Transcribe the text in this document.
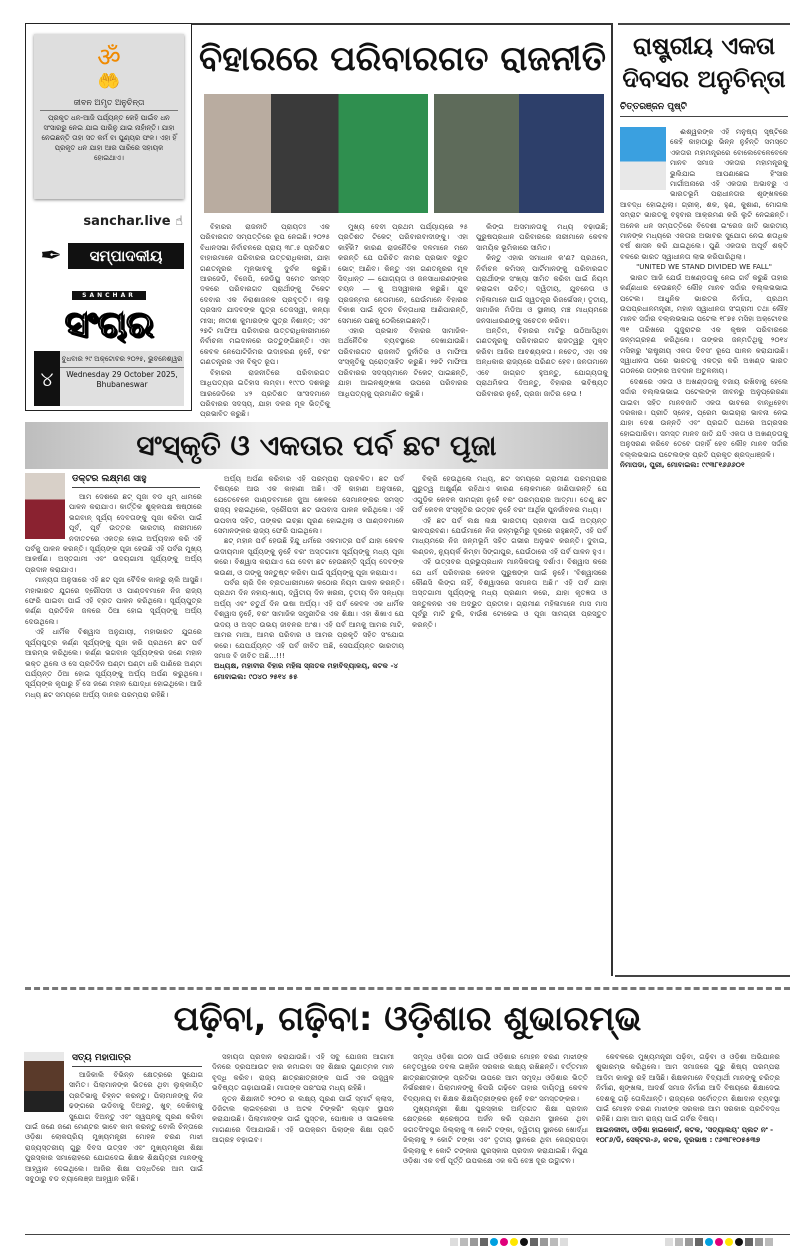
ॐ
🤲
ଜୀବନ ଅମୃତ ଅନୁଚିନ୍ତା
ପ୍ରକୃତ ଧନ-ଆଜି ପର୍ଯ୍ୟନ୍ତ କେହି ପାଇଁବ ଧନ ସଂସାରରୁ ନେଇ ଯାଇ ପାରିନୁ ଯାଇ ନାହାଁନ୍ତି। ଯାହା ନେଇଛନ୍ତି ତାହା ସତ କର୍ମ ବା ପୁଣ୍ୟର ଫଳ। ଏହା ହିଁ ପ୍ରକୃତ ଧନ ଯାହା ଆର ପାରିରେ ସହାୟକ ହୋଇଥାଏ।
sanchar.live ☝
✒	ସମ୍ପାଦକୀୟ
SANCHAR
ସଂଚାର
୪
ବୁଧବାର ୨୯ ଅକ୍ଟୋବର ୨୦୨୫, ଭୁବନେଶ୍ୱର
Wednesday 29 October 2025, Bhubaneswar
ବିହାରରେ ପରିବାରଗତ ରାଜନୀତି

ବିହାରର ରାଜନୀତି ପ୍ରାୟତଃ ଏକ ପରିବାରଗତ ସମ୍ପତ୍ତିରେ ରୂପ ନେଇଛି। ୨୦୨୫ ବିଧାନସଭା ନିର୍ବାଚନରେ ପ୍ରାୟ ୩୮.୫ ପ୍ରତିଶତ ବାହାରମାନେ ପରିବାରର ଉତ୍ତରାଧିକାରୀ, ଯାହା ଗଣତନ୍ତ୍ରର ମୂଳଭାବକୁ ଦୁର୍ବଳ କରୁଛି। ଆରଜେଡି, ବିଜେପି, ଜେଡିୟୁ ସମେତ ସମସ୍ତ ଦଳରେ ପରିବାରଗତ ପ୍ରାର୍ଥୀଙ୍କୁ ଟିକେଟ ଦେବାର ଏକ ନିରାଶାଜନକ ପ୍ରବୃତ୍ତି। ଲାଲୁ ପ୍ରସାଦ ଯାଦବଙ୍କ ପୁତ୍ର ତେଜସ୍ୱୀ, କନ୍ୟା ମୀସା; ନୀତୀଶ କୁମାରଙ୍କ ପୁତ୍ର ନିଶାନ୍ତ; ଏବଂ ୨୭ଟି ମାଫିଆ ପରିବାରର ଉତ୍ତରାଧିକାରୀମାନେ ନିର୍ବାଚନୀ ମଇଦାନରେ ଉତ୍ତୁଙ୍ଗିଛନ୍ତି। ଏହା କେବଳ ନେପୋଟିଜିମର ଉଦାହରଣ ନୁହେଁ, ବରଂ ଗଣତନ୍ତ୍ରର ଏକ ବିକୃତ ରୂପ।

ବିହାରର ରାଜନୀତିରେ ପରିବାରଗତ ଆଧିପତ୍ୟର ଇତିହାସ ଲମ୍ବା। ୧୯୯୦ ଦଶକରୁ ଆରଜେଡିରେ ୪୨ ପ୍ରତିଶତ ସାଂସଦମାନେ ପରିବାରର ସଦସ୍ୟ, ଯାହା ଦଳର ମୂଳ ଭିତ୍ତିକୁ ପ୍ରଭାବିତ କରୁଛି।

ମୁଖ୍ୟ ଦେବୀ ପ୍ରଥମ ପର୍ଯ୍ୟାୟରେ ୨୫ ପ୍ରତିଶତ ଟିକେଟ୍ ପରିବାରବାଦୀଙ୍କୁ। ଏହା କାହିଁକି? କାରଣ ରାଜନୈତିକ ଦଳମାନେ ମନେ କରନ୍ତି ଯେ ପରିଚିତ ନାମର ପ୍ରଭାବ ଦ୍ରୁତ ଭୋଟ୍ ଆଣିବ। କିନ୍ତୁ ଏହା ଗଣତନ୍ତ୍ରର ମୂଳ ସିଦ୍ଧାନ୍ତ — ଯୋଗ୍ୟତା ଓ ଜନସାଧାରଣଙ୍କର ଚୟନ — କୁ ଅସ୍ୱୀକାର କରୁଛି। ଯୁବ ପ୍ରଜନ୍ମର ନେତାମାନେ, ଯେଉଁମାନେ ବିହାରର ବିକାଶ ପାଇଁ ନୂତନ ଚିନ୍ତାଧାରା ଆଣିପାରନ୍ତି, ସେମାନେ ପଛକୁ ଠେଲିହୋଇଛନ୍ତି।

ଏହାର ପ୍ରଭାବ ବିହାରର ସାମାଜିକ-ଅର୍ଥନୈତିକ ବ୍ୟବସ୍ଥାରେ ଦେଖାଯାଉଛି। ପରିବାରଗତ ରାଜନୀତି ଦୁର୍ନୀତିର ଓ ମାଫିଆ ସଂସ୍କୃତିକୁ ପ୍ରୋତ୍ସାହିତ କରୁଛି। ୨୭ଟି ମାଫିଆ ପରିବାରର ସଦସ୍ୟମାନେ ଟିକେଟ୍ ପାଇଛନ୍ତି, ଯାହା ଆଇନଶୃଙ୍ଖଳା ଉପରେ ପରିବାରର ଆଧିପତ୍ୟକୁ ପ୍ରମାଣିତ କରୁଛି।

ଲିଙ୍ଗ ଅସମାନତାକୁ ମଧ୍ୟ ବଢ଼ାଉଛି; ପୁରୁଷପ୍ରଧାନ ପରିବାରରେ ନାରୀମାନେ କେବଳ ସାମୟିକ ଭୂମିକାରେ ସୀମିତ।

କିନ୍ତୁ ଏହାର ସମାଧାନ କ'ଣ? ପ୍ରଥମେ, ନିର୍ବାଚନ କମିସନ୍ ପାର୍ଟିମାନଙ୍କୁ ପରିବାରଗତ ପ୍ରାର୍ଥୀଙ୍କ ସଂଖ୍ୟା ସୀମିତ କରିବା ପାଇଁ ନିୟମ କରାଇବା ଉଚିତ୍। ଦ୍ୱିତୀୟ, ଯୁବନେତା ଓ ମହିଳାମାନେ ପାଇଁ ସ୍ୱତନ୍ତ୍ର ରିଜର୍ଭେସନ୍। ତୃତୀୟ, ସାମାଜିକ ମିଡିଆ ଓ ସ୍ଥାନୀୟ ମଞ୍ଚ ମାଧ୍ୟମରେ ଜନସାଧାରଣଙ୍କୁ ସଚେତନ କରିବା।

ଅନ୍ତିମ, ବିହାରର ମାଟିରୁ ଉଠିଆସିଥିବା ଗଣତନ୍ତ୍ରକୁ ପରିବାରଗତ ରାଜତ୍ୱରୁ ମୁକ୍ତ କରିବା ଆଜିର ଆବଶ୍ୟକତା। ନଚେତ୍, ଏହା ଏକ ଅନ୍ଧକାର ରାଜ୍ୟରେ ପରିଣତ ହେବ। ଜନତାମାନେ ଏବେ ଜାଗ୍ରତ ହୁଅନ୍ତୁ, ଯୋଗ୍ୟତାକୁ ପ୍ରାଥମିକତା ଦିଅନ୍ତୁ, ବିହାରର ଭବିଷ୍ୟତ ପରିବାରର ନୁହେଁ, ପ୍ରଜା ଜାତିର ହେଉ !

ରାଷ୍ଟ୍ରୀୟ ଏକତା ଦିବସର ଅନୁଚିନ୍ତା
ଚିତ୍ତରଞ୍ଜନ ପୃଷ୍ଟି

ଈଶ୍ୱରଙ୍କ ଏହି ମନୁଷ୍ୟ ସୃଷ୍ଟିରେ କେହି କାହାଠାରୁ ଭିନ୍ନ ନୁହଁନ୍ତି ସମସ୍ତେ ଏକତାର ମହାମନ୍ତ୍ରରେ ବୋଲେବେଳେବେଳେ ମାନବ ସମାଜ ଏକତାର ମହାମନ୍ତ୍ରକୁ ଭୁଲିଯାଇ ଆପଣାଛେଇ ହିଂସାର ମାର୍ଗୀଅନାରେ ଏହି ଏକତାର ଅଭାବରୁ ଏ ଭାରତଭୂମି ପରାଧୀନତାର ଶୃଙ୍ଖଳରେ ଆବଦ୍ଧ ହୋଇଥିଲା। ଗ୍ରୀକ୍, ଶକ, ହୁଣ, କୁଶାଣ, ମୋଗଲ ସମ୍ରାଟ ଭାରତକୁ ବହୁବାର ଆକ୍ରମଣ କରି ଲୁଟି ନେଇଛନ୍ତି। ଅନେକ ଧନ ସମ୍ପତ୍ତିରେ ବିଦେଶୀ ଇଂରେଜ ଜାତି ଭାରତୀୟ ମାନଙ୍କ ମଧ୍ୟରେ ଏକତାର ଅଭାବର ସୁଯୋଗ ନେଇ ଶତାଧିକ ବର୍ଷ ଶାସନ କରି ଯାଇଥିଲେ। ପୁଣି ଏକତାର ଅପୂର୍ବ ଶକ୍ତି ବଳରେ ଭାରତ ସ୍ୱାଧୀନତା ଲାଭ କରିପାରିଥିଲା।

"UNITED WE STAND DIVIDED WE FALL"

ଭାରତ ଆଜି ଯେଉଁ ଅଖଣ୍ଡତାକୁ ନେଇ ଗର୍ବ କରୁଛି ତାହାର କର୍ଣ୍ଣଧାର ହେଉଛନ୍ତି ଲୌହ ମାନବ ସର୍ଦ୍ଦାର ବଲ୍ଲଭଭାଇ ପଟେଲ। ଆଧୁନିକ ଭାରତର ନିର୍ମାତା, ପ୍ରଥମ ଉପପ୍ରଧାନମନ୍ତ୍ରୀ, ମହାନ ସ୍ୱାଧୀନତା ସଂଗ୍ରାମୀ ତଥା ଲୌହ ମାନବ ସର୍ଦ୍ଦାର ବଲ୍ଲଭଭାଇ ପଟେଲ ୧୮୭୫ ମସିହା ଅକ୍ଟୋବର ୩୧ ତାରିଖରେ ଗୁଜୁରାଟର ଏକ କୃଷକ ପରିବାରରେ ଜନ୍ମଗ୍ରହଣ କରିଥିଲେ। ତାଙ୍କର ଜନ୍ମତିଥିକୁ ୨୦୧୪ ମସିହାରୁ 'ରାଷ୍ଟ୍ରୀୟ ଏକତା ଦିବସ' ରୂପେ ପାଳନ କରାଯାଉଛି। ସ୍ୱାଧୀନତା ପରେ ଭାରତକୁ ଏକତ୍ର କରି ଅଖଣ୍ଡ ଭାରତ ଗଠନରେ ତାଙ୍କର ଅବଦାନ ଅତୁଳନୀୟ।

ଦେଶରେ ଏକତା ଓ ଅଖଣ୍ଡତାକୁ ବଜାୟ ରଖିବାକୁ ହେଲେ ସର୍ଦ୍ଦାର ବଲ୍ଲଭଭାଇ ପଟେଲଙ୍କ ଜୀବନରୁ ଅନୁପ୍ରେରଣା ପାଇବା ସହିତ ମାନବଜାତି ଏକତା ଭାବରେ ବାନ୍ଧିହେବା ଦରକାର। ପ୍ରୀତି ସ୍ନେହ, ପ୍ରେମ ଭାଇଚାରା ଭାବନା ନେଇ ଯାହା ଦେଶ ଉନ୍ନତି ଏବଂ ପ୍ରଗତି ପଥରେ ଅଗ୍ରସର ହୋଇପାରିବା। ସମସ୍ତ ମାନବ ଜାତି ଯଦି ଏକତା ଓ ଅଖଣ୍ଡତାକୁ ଅନୁସରଣ କରିବେ ତେବେ ତାହାହିଁ ହେବ ଲୌହ ମାନବ ସର୍ଦ୍ଦାର ବଲ୍ଲଭଭାଇ ପଟେଲଙ୍କ ପ୍ରତି ପ୍ରକୃତ ଶ୍ରଦ୍ଧାଞ୍ଜଳି।

ନିମାପଡା, ପୁରୀ, ମୋବାଇଲ: ୯୯୩୮୧୬୬୬୦୧
ସଂସ୍କୃତି ଓ ଏକତାର ପର୍ବ ଛଟ ପୂଜା
ଡକ୍ଟର ଲକ୍ଷ୍ମଣ ସାହୁ

ଆମ ଦେଶରେ ଛଟ୍ ପୂଜା ବଡ ଧୂମ୍ ଧାମରେ ପାଳନ କରାଯାଏ। କାର୍ତ୍ତିକ ଶୁକ୍ଳପକ୍ଷ ଷଷ୍ଠୀରେ ଭଗବାନ୍ ସୂର୍ଯ୍ୟ ଦେବତାଙ୍କୁ ପୂଜା କରିବା ପାଇଁ ପୂର୍ବ, ପୂର୍ବ ଉତ୍ତର ଭାରତୀୟ ନାରୀମାନେ ନଦୀତଟରେ ଏକତ୍ର ହୋଇ ଅର୍ଘ୍ୟଦାନ କରି ଏହି ପର୍ବକୁ ପାଳନ କରନ୍ତି। ସୂର୍ଯ୍ୟଙ୍କ ପୂଜା ହେଉଛି ଏହି ପର୍ବର ମୁଖ୍ୟ ଆକର୍ଷଣ। ଅସ୍ତଗାମୀ ଏବଂ ଉଦୟଗାମୀ ସୂର୍ଯ୍ୟଙ୍କୁ ଅର୍ଘ୍ୟ ପ୍ରଦାନ କରାଯାଏ।

ମାନ୍ୟତା ଅନୁସାରେ ଏହି ଛଟ ପୂଜା ବୈଦିକ କାଳରୁ ଚାଲି ଆସୁଛି। ମହାଭାରତ ଯୁଗରେ ଦ୍ରୌପଦୀ ଓ ପାଣ୍ଡବମାନେ ନିଜ ରାଜ୍ୟ ଫେରି ପାଇବା ପାଇଁ ଏହି ବ୍ରତ ପାଳନ କରିଥିଲେ। ସୂର୍ଯ୍ୟପୁତ୍ର କର୍ଣ୍ଣ ପ୍ରତିଦିନ ଜଳରେ ଠିଆ ହୋଇ ସୂର୍ଯ୍ୟଙ୍କୁ ଅର୍ଘ୍ୟ ଦେଉଥିଲେ।

ଏହି ଧାର୍ମିକ ବିଶ୍ୱାସ ଅନୁଯାୟୀ, ମହାଭାରତ ଯୁଗରେ ସୂର୍ଯ୍ୟପୁତ୍ର କର୍ଣ୍ଣ ସୂର୍ଯ୍ୟଙ୍କୁ ପୂଜା କରି ପ୍ରଥମେ ଛଟ ପର୍ବ ଆରମ୍ଭ କରିଥିଲେ। କର୍ଣ୍ଣ ଭଗବାନ ସୂର୍ଯ୍ୟଙ୍କର ଜଣେ ମହାନ ଭକ୍ତ ଥିଲେ ଓ ସେ ପ୍ରତିଦିନ ଘଣ୍ଟା ଘଣ୍ଟା ଧରି ପାଣିରେ ଅଣ୍ଟା ପର୍ଯ୍ୟନ୍ତ ଠିଆ ହୋଇ ସୂର୍ଯ୍ୟଙ୍କୁ ଅର୍ଘ୍ୟ ଅର୍ପଣ କରୁଥିଲେ। ସୂର୍ଯ୍ୟଙ୍କ କୃପାରୁ ହିଁ ସେ ଜଣେ ମହାନ ଯୋଦ୍ଧା ହୋଇଥିଲେ। ଆଜି ମଧ୍ୟ ଛଟ ସମୟରେ ଅର୍ଘ୍ୟ ଦାନର ପରମ୍ପରା ରହିଛି।

ଅର୍ଘ୍ୟ ଅର୍ପଣ କରିବାର ଏହି ପରମ୍ପରା ପ୍ରଚଳିତ। ଛଟ ପର୍ବ ବିଷୟରେ ଆଉ ଏକ କାହାଣୀ ଅଛି। ଏହି କାହାଣୀ ଅନୁସାରେ, ଯେତେବେଳେ ପାଣ୍ଡବମାନେ ଜୁଆ ଖେଳରେ ସେମାନଙ୍କର ସମସ୍ତ ରାଜ୍ୟ ହରାଇଥିଲେ, ଦ୍ରୌପଦୀ ଛଟ ଉପବାସ ପାଳନ କରିଥିଲେ। ଏହି ଉପବାସ ସହିତ, ତାଙ୍କର ଇଚ୍ଛା ପୂରଣ ହୋଇଥିଲା ଓ ପାଣ୍ଡବମାନେ ସେମାନଙ୍କର ରାଜ୍ୟ ଫେରି ପାଇଥିଲେ।

ଛଟ୍ ମହାନ ପର୍ବ ହେଉଛି ହିନ୍ଦୁ ଧର୍ମରେ ଏକମାତ୍ର ପର୍ବ ଯାହା କେବଳ ଉଦୀୟମାନ ସୂର୍ଯ୍ୟଙ୍କୁ ନୁହେଁ ବରଂ ଅସ୍ତଗାମୀ ସୂର୍ଯ୍ୟଙ୍କୁ ମଧ୍ୟ ପୂଜା କରେ। ବିଶ୍ୱାସ କରାଯାଏ ଯେ ଦେବୀ ଛଟ ହେଉଛନ୍ତି ସୂର୍ଯ୍ୟ ଦେବଙ୍କ ଭଉଣୀ, ଓ ତାଙ୍କୁ ସନ୍ତୁଷ୍ଟ କରିବା ପାଇଁ ସୂର୍ଯ୍ୟଙ୍କୁ ପୂଜା କରାଯାଏ।

ପର୍ବର ଚାରି ଦିନ ବ୍ରତଧାରୀମାନେ କଠୋର ନିୟମ ପାଳନ କରନ୍ତି। ପ୍ରଥମ ଦିନ ନହାୟ-ଖାୟ, ଦ୍ୱିତୀୟ ଦିନ ଖରନା, ତୃତୀୟ ଦିନ ସନ୍ଧ୍ୟା ଅର୍ଘ୍ୟ ଏବଂ ଚତୁର୍ଥ ଦିନ ଉଷା ଅର୍ଘ୍ୟ। ଏହି ପର୍ବ କେବଳ ଏକ ଧାର୍ମିକ ବିଶ୍ୱାସ ନୁହେଁ, ବରଂ ସାମାଜିକ ସମ୍ପ୍ରୀତିର ଏକ ଶିକ୍ଷା। ଏହା ଶିଖାଏ ଯେ ଉଦୟ ଓ ଅସ୍ତ ଉଭୟ ଜୀବନର ଅଂଶ। ଏହି ପର୍ବ ଆମକୁ ଆମର ମାଟି, ଆମର ମାଆ, ଆମର ପରିବାର ଓ ଆମର ପ୍ରକୃତି ସହିତ ସଂଯୋଗ କରେ। ଯେପର୍ଯ୍ୟନ୍ତ ଏହି ପର୍ବ ଜୀବିତ ଅଛି, ସେପର୍ଯ୍ୟନ୍ତ ଭାରତୀୟ ସମାଜ ବି ଜୀବିତ ଅଛି...!!!

ଅଧ୍ୟକ୍ଷ, ମହାବୀର ବିହାର ମହିଳା ସ୍ନାତକ ମହାବିଦ୍ୟାଳୟ, କଟକ -୪
ମୋବାଇଲ: ୯୦୪୦ ୨୫୧୪ ୫୫

ବିକ୍ରି ହେଉଥିଲେ ମଧ୍ୟ, ଛଟ ସମୟରେ ଗ୍ରାମୀଣ ପରମ୍ପରାର ଗୁରୁତ୍ୱ ଅକ୍ଷୁର୍ଣ୍ଣ ରହିଥାଏ କାରଣ ଲୋକମାନେ ଜାଣିପାରନ୍ତି ଯେ ଏଗୁଡ଼ିକ କେବଳ ସାମଗ୍ରୀ ନୁହେଁ ବରଂ ପରମ୍ପରାର ଆତ୍ମା। ତେଣୁ ଛଟ ପର୍ବ କେବଳ ସଂସ୍କୃତିର ଉତ୍ସବ ନୁହେଁ ବରଂ ଆର୍ଥିକ ପୁନର୍ଜୀବନର ମଧ୍ୟ।

ଏହି ଛଟ ପର୍ବ ଲକ୍ଷ ଲକ୍ଷ ଭାରତୀୟ ପ୍ରବାସୀ ପାଇଁ ଅତ୍ୟନ୍ତ ଭାବପ୍ରବଣ। ଯେଉଁମାନେ ନିଜ ଜନ୍ମଭୂମିରୁ ଦୂରରେ ରହୁଛନ୍ତି, ଏହି ପର୍ବ ମାଧ୍ୟମରେ ନିଜ ଜନ୍ମଭୂମି ସହିତ ଗଭୀର ଅନୁଭବ କରନ୍ତି। ଦୁବାଇ, ଲଣ୍ଡନ, ନ୍ୟୁୟର୍କ କିମ୍ବା ସିଙ୍ଗାପୁର, ଯେଉଁଠାରେ ଏହି ପର୍ବ ପାଳନ ହୁଏ।

ଏହି ଉତ୍ସବର ପ୍ରଭୁପ୍ରଧାନ ମାନସିକତାକୁ ଦର୍ଶାଏ। ବିଶ୍ୱାସ କରେ ଯେ ଧର୍ମ ପରିବାରର କେବଳ ପୁରୁଷଙ୍କ ପାଇଁ ନୁହେଁ। 'ବିଶ୍ୱାସରେ କୌଣସି ଲିଙ୍ଗ ନାହିଁ, ବିଶ୍ୱାସରେ ସମାନତା ଅଛି।' ଏହି ପର୍ବ ଯାହା ଅସ୍ତଗାମୀ ସୂର୍ଯ୍ୟଙ୍କୁ ମଧ୍ୟ ପ୍ରଣାମ କରେ, ଯାହା କୃତଜ୍ଞତା ଓ ସନ୍ତୁଳନର ଏକ ଅଦ୍ଭୁତ ପ୍ରତୀକ। ଗ୍ରାମୀଣ ମହିଳାମାନେ ମାସ ମାସ ପୂର୍ବରୁ ମାଟି ଚୁଲି, ବାଉଁଶ ଟୋକେଇ ଓ ପୂଜା ସାମଗ୍ରୀ ପ୍ରସ୍ତୁତ କରନ୍ତି।

ପଢ଼ିବା, ଗଢ଼ିବା: ଓଡ଼ିଶାର ଶୁଭାରମ୍ଭ
ସତ୍ୟ ମହାପାତ୍ର

ଆଜିକାଲି ବିଭିନ୍ନ କ୍ଷେତ୍ରରେ ସୁଯୋଗ ସୀମିତ। ପିଲାମାନଙ୍କ ଭିତରେ ଥିବା ଲୁକ୍କାୟିତ ପ୍ରତିଭାକୁ ଚିହ୍ନଟ କରନ୍ତୁ। ପିଲାମାନଙ୍କୁ ନିଜ ଢଙ୍ଗରେ ଉଡିବାକୁ ଦିଅନ୍ତୁ, ଖୁବ୍ ଦେଖିବାକୁ ସୁଯୋଗ ଦିଅନ୍ତୁ ଏବଂ ସ୍ୱପ୍ନକୁ ପୂରଣ କରିବା ପାଇଁ ଜଣେ ଜଣେ ମେଣ୍ଟର ଭାବେ କାମ କରନ୍ତୁ ବୋଲି ଚିନ୍ତାରେ ଓଡ଼ିଶା ଲୋକପ୍ରିୟ ମୁଖ୍ୟମନ୍ତ୍ରୀ ମୋହନ ଚରଣ ମାଝୀ ରାଜ୍ୟସ୍ତରୀୟ ଗୁରୁ ଦିବସ ଉତ୍ସବ ଏବଂ ମୁଖ୍ୟମନ୍ତ୍ରୀ ଶିକ୍ଷା ପୁରସ୍କାର ସମାରୋହରେ ଯୋଗଦେଇ ଶିକ୍ଷକ ଶିକ୍ଷୟିତ୍ରୀ ମାନଙ୍କୁ ଆହ୍ୱାନ ଦେଇଥିଲେ। ଆଜିର ଶିକ୍ଷା ପଦ୍ଧତିରେ ଆମ ପାଇଁ ସବୁଠାରୁ ବଡ ଚ୍ୟାଲେଞ୍ଜ ଆହ୍ୱାନ ରହିଛି।

ସହାୟତା ପ୍ରଦାନ କରାଯାଉଛି। ଏହି ସବୁ ଯୋଜନା ଆଗାମୀ ଦିନରେ ଡ୍ରପଆଉଟ ହାର କମାଇବା ସହ ଶିକ୍ଷାର ଗୁଣାତ୍ମକ ମାନ ବୃଦ୍ଧି କରିବ। ରାଜ୍ୟ ଛାତ୍ରଛାତ୍ରୀଙ୍କ ପାଇଁ ଏକ ଉଜ୍ଜ୍ୱଳ ଭବିଷ୍ୟତ ଗଢ଼ାଯାଉଛି। ମାତାଙ୍କ ପରଂପରା ମଧ୍ୟ ରହିଛି।

ନୂତନ ଶିକ୍ଷାନୀତି ୨୦୨୦ ର ଲକ୍ଷ୍ୟ ପୂରଣ ପାଇଁ ସ୍ମାର୍ଟ କ୍ଲାସ, ଡିଜିଟାଲ ଲାଇବ୍ରେରୀ ଓ ଅଟଳ ଟିଙ୍କରିଂ ଲ୍ୟାବ ସ୍ଥାପନ କରାଯାଉଛି। ପିଲାମାନଙ୍କ ପାଇଁ ପୁସ୍ତକ, ପୋଷାକ ଓ ସାଇକେଲ ମାଗଣାରେ ଦିଆଯାଉଛି। ଏହି ଉପକ୍ରମ ପିଲାଙ୍କ ଶିକ୍ଷା ପ୍ରତି ଆଗ୍ରହ ବଢ଼ାଇବ।

ସମୃଦ୍ଧ ଓଡ଼ିଶା ଗଠନ ପାଇଁ ଓଡ଼ିଶାର ମୋହନ ଚରଣ ମାଝୀଙ୍କ ନେତୃତ୍ୱରେ ଡବଲ ଇଞ୍ଜିନ ସରକାର ଲକ୍ଷ୍ୟ ରଖିଛନ୍ତି। ବର୍ତ୍ତମାନ ଛାତ୍ରଛାତ୍ରୀଙ୍କ ପ୍ରତିଭା ଉପରେ ଆମ ସମୃଦ୍ଧ ଓଡ଼ିଶାର ଭିତ୍ତି ନିର୍ଭରଶୀଳ। ପିଲାମାନଙ୍କୁ କିପରି ଗଢ଼ିବେ ତାହାର ଦାୟିତ୍ୱ କେବଳ ବିଦ୍ୟାଳୟ ବା ଶିକ୍ଷକ ଶିକ୍ଷୟିତ୍ରୀଙ୍କର ନୁହେଁ ବରଂ ସମସ୍ତଙ୍କର।

ମୁଖ୍ୟମନ୍ତ୍ରୀ ଶିକ୍ଷା ପୁରସ୍କାର ଅର୍ନ୍ତଗତ ଶିକ୍ଷା ପ୍ରଦାନ କ୍ଷେତ୍ରରେ ଶ୍ରେଷ୍ଠତା ଅର୍ଜନ କରି ପ୍ରଥମ ସ୍ଥାନରେ ଥିବା ଜଗତସିଂହପୁର ଜିଲ୍ଲାକୁ ୩ କୋଟି ଟଙ୍କା, ଦ୍ୱିତୀୟ ସ୍ଥାନରେ ଖୋର୍ଦ୍ଧା ଜିଲ୍ଲାକୁ ୨ କୋଟି ଟଙ୍କା ଏବଂ ତୃତୀୟ ସ୍ଥାନରେ ଥିବା କେନ୍ଦ୍ରାପଡ଼ା ଜିଲ୍ଲାକୁ ୧ କୋଟି ଟଙ୍କାର ପୁରସ୍କାର ପ୍ରଦାନ କରାଯାଇଛି। ନିପୁଣ ଓଡ଼ିଶା ଏକ ବର୍ଷ ପୂର୍ତ୍ତି ଉପଲକ୍ଷେ ଏକ କପି ବେଞ୍ଚ ଦୂର ଉଦ୍ଘାଟନ।

କେବଳରେ ମୁଖ୍ୟମନ୍ତ୍ରୀ ପଢ଼ିବା, ଗଢ଼ିବା ଓ ଓଡ଼ିଶା ଅଭିଯାନର ଶୁଭାରମ୍ଭ କରିଥିଲେ। ଆମ ସମାଜରେ ଗୁରୁ ଶିଷ୍ୟ ପରମ୍ପରା ଆଦିମ କାଳରୁ ରହି ଆସିଛି। ଶିକ୍ଷକମାନେ ବିଦ୍ୟାର୍ଥୀ ମାନଙ୍କୁ ଚରିତ୍ର ନିର୍ମାଣ, ଶୃଙ୍ଖଳା, ଆଦର୍ଶ ସମାଜ ନିର୍ମାଣ ଆଦି ବିଷୟରେ ଶିକ୍ଷାଦେଇ ଦେଶକୁ ଗଢ଼ି ତୋଳିଥାନ୍ତି। ରାଜ୍ୟରେ ସର୍ବୋତ୍ତମ ଶିକ୍ଷାଦାନ ବ୍ୟବସ୍ଥା ପାଇଁ ମୋହନ ଚରଣ ମାଝୀଙ୍କ ସରକାର ଆମ ସରକାର ପ୍ରତିବଦ୍ଧ ରହିଛି। ଯାହା ଆମ ରାଜ୍ୟ ପାଇଁ ଗର୍ବର ବିଷୟ।

ଆଇନଜୀବୀ, ଓଡ଼ିଶା ହାଇକୋର୍ଟ, କଟକ, 'ସତ୍ୟାଲୟ' ପ୍ଲଟ ନଂ -
୧୦୮୬/ଡି, ସେକ୍ଟର-୬, କଟକ, ଦୂରଭାଷ : ୯୬୩୮୧୦୫୫୩୭
